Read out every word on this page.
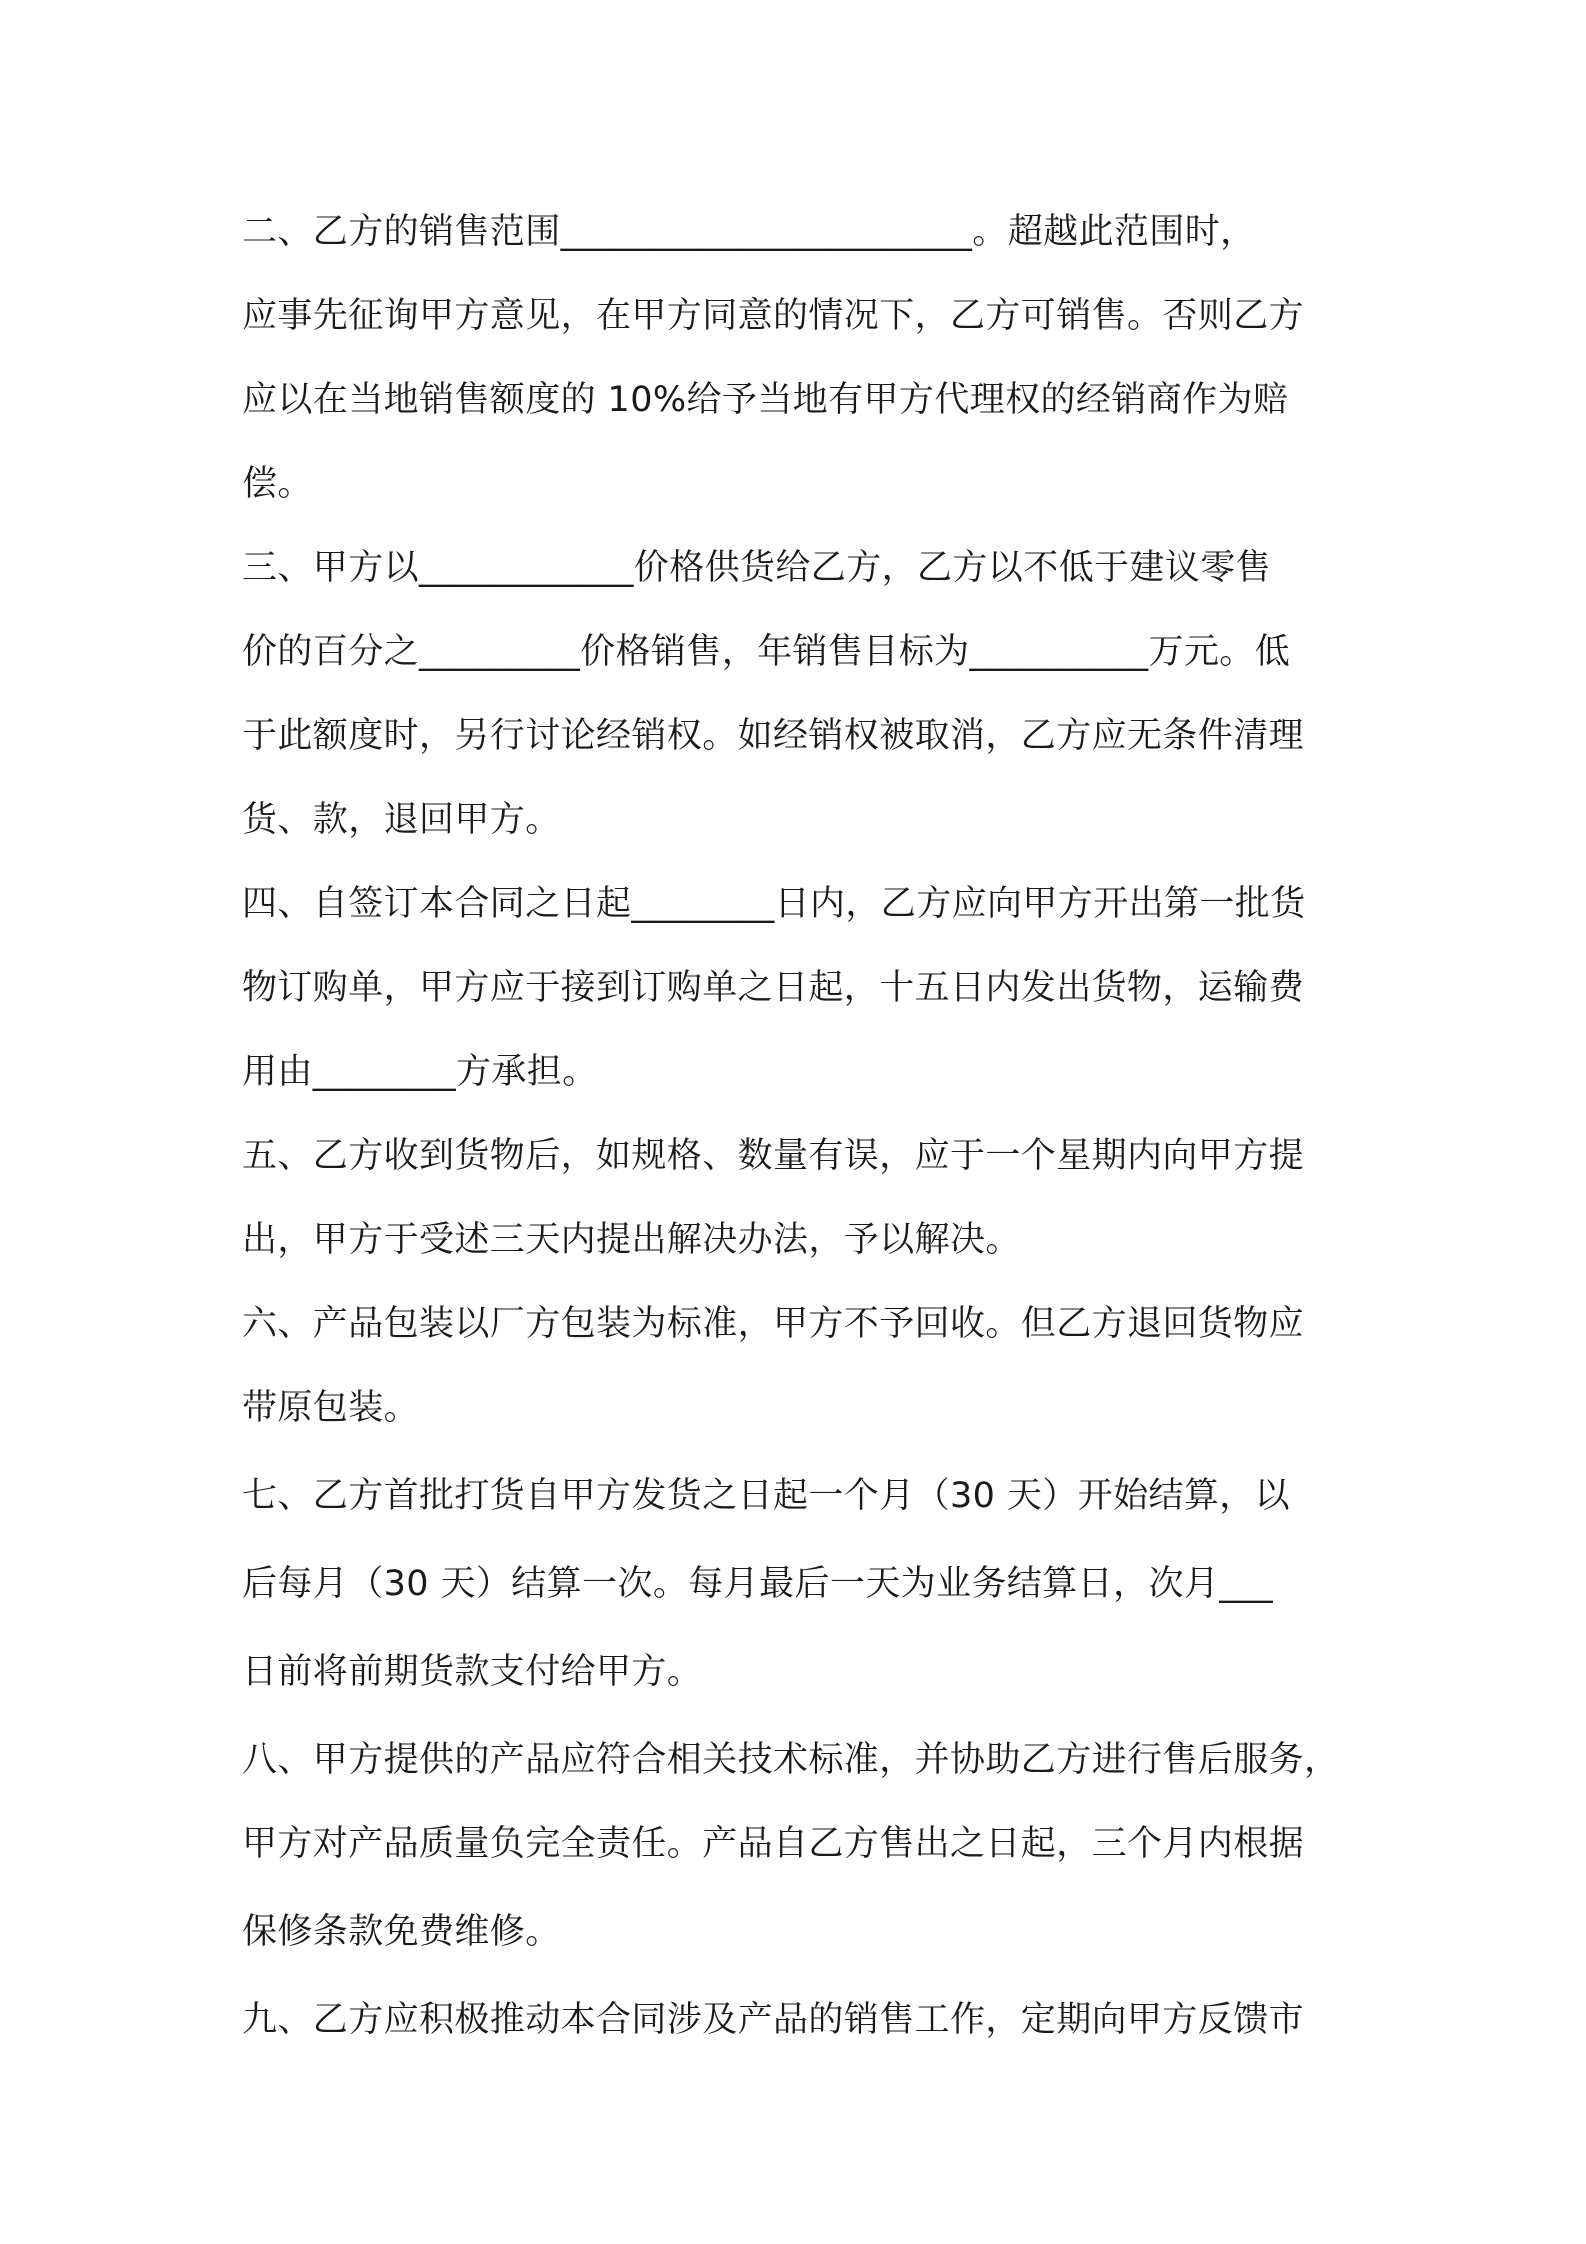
二、乙方的销售范围_______________________。超越此范围时，
应事先征询甲方意见，在甲方同意的情况下，乙方可销售。否则乙方
应以在当地销售额度的 10%给予当地有甲方代理权的经销商作为赔
偿。
三、甲方以____________价格供货给乙方，乙方以不低于建议零售
价的百分之_________价格销售，年销售目标为__________万元。低
于此额度时，另行讨论经销权。如经销权被取消，乙方应无条件清理
货、款，退回甲方。
四、自签订本合同之日起________日内，乙方应向甲方开出第一批货
物订购单，甲方应于接到订购单之日起，十五日内发出货物，运输费
用由________方承担。
五、乙方收到货物后，如规格、数量有误，应于一个星期内向甲方提
出，甲方于受述三天内提出解决办法，予以解决。
六、产品包装以厂方包装为标准，甲方不予回收。但乙方退回货物应
带原包装。
七、乙方首批打货自甲方发货之日起一个月（30 天）开始结算，以
后每月（30 天）结算一次。每月最后一天为业务结算日，次月___
日前将前期货款支付给甲方。
八、甲方提供的产品应符合相关技术标准，并协助乙方进行售后服务，
甲方对产品质量负完全责任。产品自乙方售出之日起，三个月内根据
保修条款免费维修。
九、乙方应积极推动本合同涉及产品的销售工作，定期向甲方反馈市
